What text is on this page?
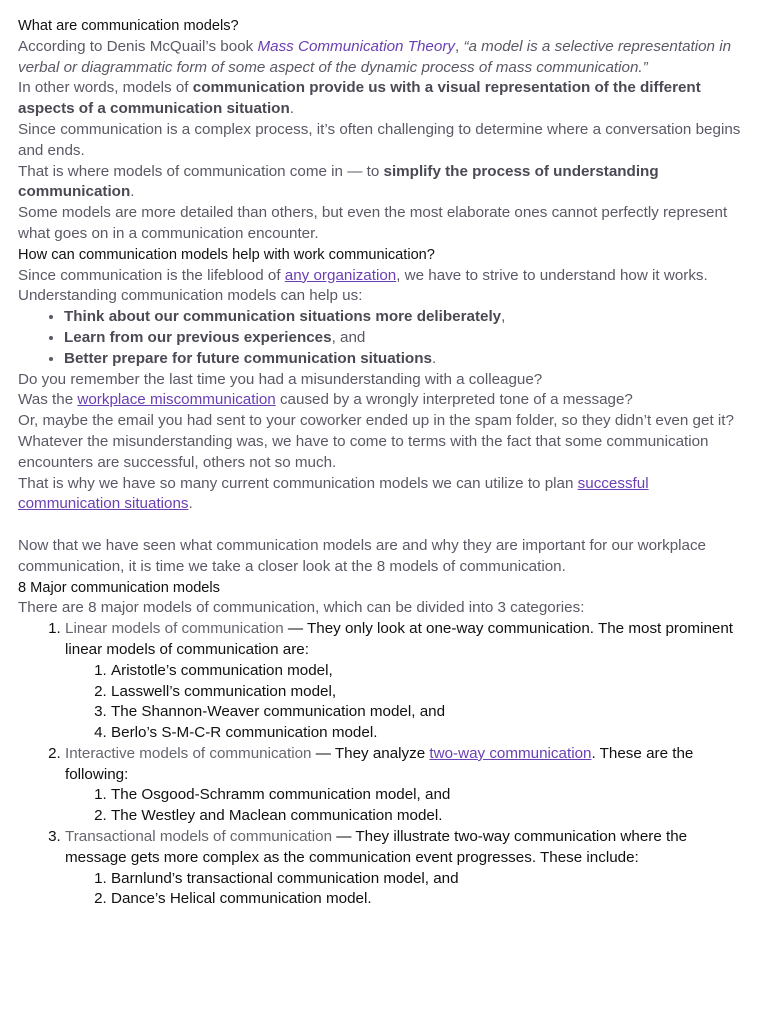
What are communication models?

According to Denis McQuail’s book Mass Communication Theory, “a model is a selective representation in verbal or diagrammatic form of some aspect of the dynamic process of mass communication.”

In other words, models of communication provide us with a visual representation of the different aspects of a communication situation.

Since communication is a complex process, it’s often challenging to determine where a conversation begins and ends.

That is where models of communication come in — to simplify the process of understanding communication.

Some models are more detailed than others, but even the most elaborate ones cannot perfectly represent what goes on in a communication encounter.

How can communication models help with work communication?

Since communication is the lifeblood of any organization, we have to strive to understand how it works.

Understanding communication models can help us:

• Think about our communication situations more deliberately,
• Learn from our previous experiences, and
• Better prepare for future communication situations.

Do you remember the last time you had a misunderstanding with a colleague?

Was the workplace miscommunication caused by a wrongly interpreted tone of a message?

Or, maybe the email you had sent to your coworker ended up in the spam folder, so they didn’t even get it?

Whatever the misunderstanding was, we have to come to terms with the fact that some communication encounters are successful, others not so much.

That is why we have so many current communication models we can utilize to plan successful communication situations.

Now that we have seen what communication models are and why they are important for our workplace communication, it is time we take a closer look at the 8 models of communication.

8 Major communication models

There are 8 major models of communication, which can be divided into 3 categories:

1. Linear models of communication — They only look at one-way communication. The most prominent linear models of communication are:
1. Aristotle’s communication model,
2. Lasswell’s communication model,
3. The Shannon-Weaver communication model, and
4. Berlo’s S-M-C-R communication model.
2. Interactive models of communication — They analyze two-way communication. These are the following:
1. The Osgood-Schramm communication model, and
2. The Westley and Maclean communication model.
3. Transactional models of communication — They illustrate two-way communication where the message gets more complex as the communication event progresses. These include:
1. Barnlund’s transactional communication model, and
2. Dance’s Helical communication model.
